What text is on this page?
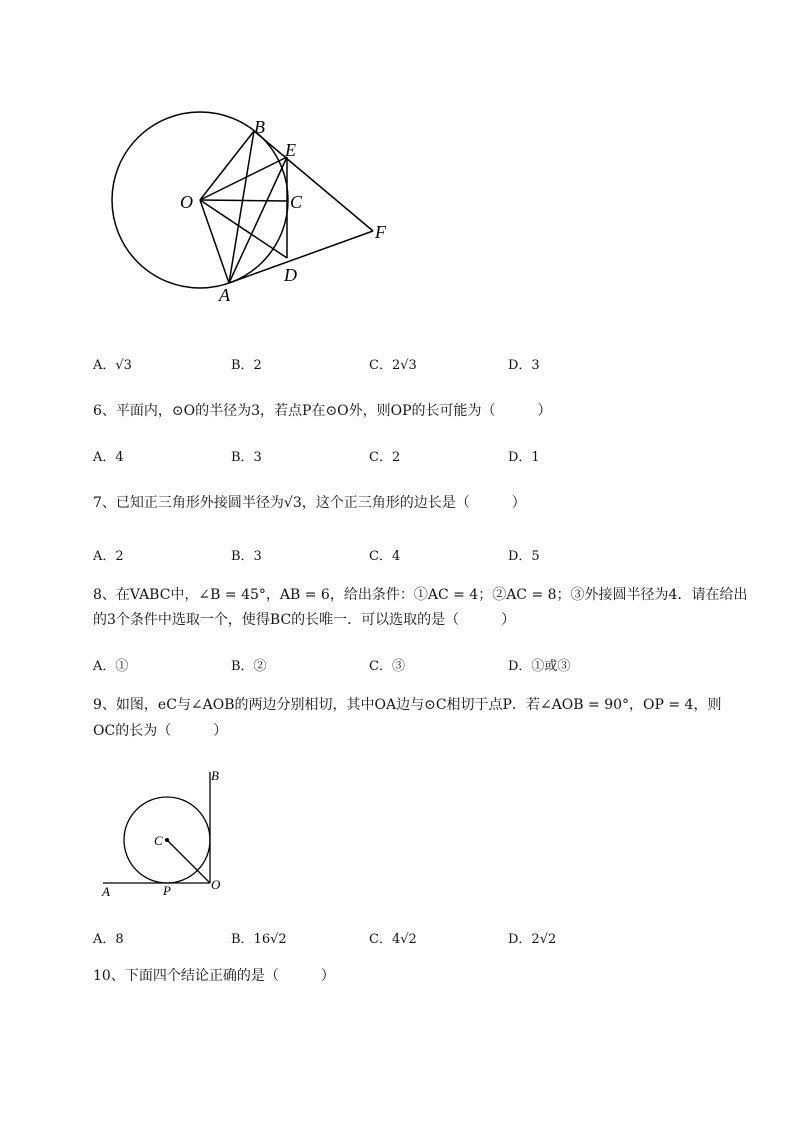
B
E
O	C
F
D
A
A．√3	B．2	C．2√3	D．3
6、平面内，⊙O的半径为3，若点P在⊙O外，则OP的长可能为（　　　）
A．4	B．3	C．2	D．1
7、已知正三角形外接圆半径为√3，这个正三角形的边长是（　　　）
A．2	B．3	C．4	D．5
8、在VABC中，∠B = 45°，AB = 6，给出条件：①AC = 4；②AC = 8；③外接圆半径为4．请在给出
的3个条件中选取一个，使得BC的长唯一．可以选取的是（　　　）
A．①	B．②	C．③	D．①或③
9、如图，eC与∠AOB的两边分别相切，其中OA边与⊙C相切于点P．若∠AOB = 90°，OP = 4，则
OC的长为（　　　）
B
C
A	P	O
A．8	B．16√2	C．4√2	D．2√2
10、下面四个结论正确的是（　　　）
